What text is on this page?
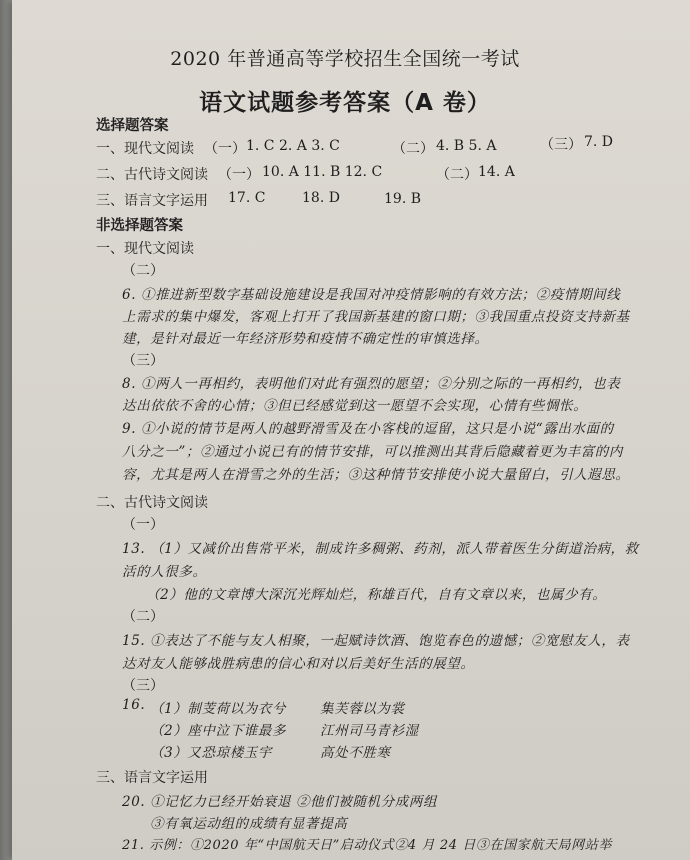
2020 年普通高等学校招生全国统一考试
语文试题参考答案（A 卷）
选择题答案
一、现代文阅读 （一） 1. C 2. A 3. C	（二） 4. B 5. A	（三） 7. D
二、古代诗文阅读 （一） 10. A 11. B 12. C	（二） 14. A
三、语言文字运用 17. C	18. D	19. B
非选择题答案
一、现代文阅读
（二）
6. ①推进新型数字基础设施建设是我国对冲疫情影响的有效方法；②疫情期间线
上需求的集中爆发，客观上打开了我国新基建的窗口期；③我国重点投资支持新基
建，是针对最近一年经济形势和疫情不确定性的审慎选择。
（三）
8. ①两人一再相约，表明他们对此有强烈的愿望；②分别之际的一再相约，也表
达出依依不舍的心情；③但已经感觉到这一愿望不会实现，心情有些惆怅。
9. ①小说的情节是两人的越野滑雪及在小客栈的逗留，这只是小说“露出水面的
八分之一”；②通过小说已有的情节安排，可以推测出其背后隐藏着更为丰富的内
容，尤其是两人在滑雪之外的生活；③这种情节安排使小说大量留白，引人遐思。
二、古代诗文阅读
（一）
13. （1）又减价出售常平米，制成许多稠粥、药剂，派人带着医生分街道治病，救
活的人很多。
（2）他的文章博大深沉光辉灿烂，称雄百代，自有文章以来，也属少有。
（二）
15. ①表达了不能与友人相聚，一起赋诗饮酒、饱览春色的遗憾；②宽慰友人，表
达对友人能够战胜病患的信心和对以后美好生活的展望。
（三）
16. （1）制芰荷以为衣兮	集芙蓉以为裳
（2）座中泣下谁最多	江州司马青衫湿
（3）又恐琼楼玉宇	高处不胜寒
三、语言文字运用
20. ①记忆力已经开始衰退 ②他们被随机分成两组
③有氧运动组的成绩有显著提高
21. 示例：①2020 年“中国航天日”启动仪式②4 月 24 日③在国家航天局网站举
